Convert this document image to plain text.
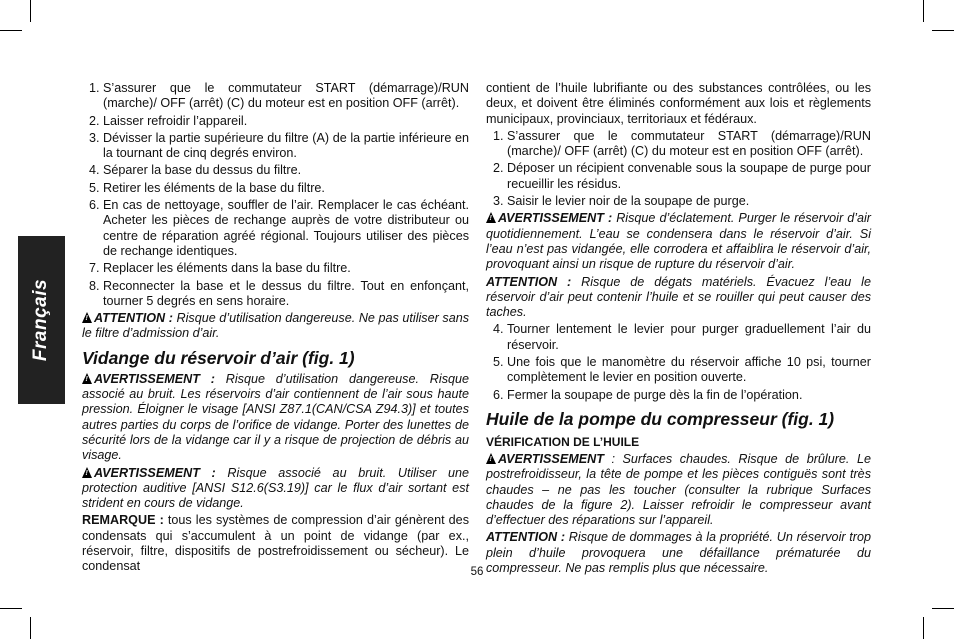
Français
1. S’assurer que le commutateur START (démarrage)/RUN (marche)/ OFF (arrêt) (C) du moteur est en position OFF (arrêt).
2. Laisser refroidir l’appareil.
3. Dévisser la partie supérieure du filtre (A) de la partie inférieure en la tournant de cinq degrés environ.
4. Séparer la base du dessus du filtre.
5. Retirer les éléments de la base du filtre.
6. En cas de nettoyage, souffler de l’air. Remplacer le cas échéant. Acheter les pièces de rechange auprès de votre distributeur ou centre de réparation agréé régional. Toujours utiliser des pièces de rechange identiques.
7. Replacer les éléments dans la base du filtre.
8. Reconnecter la base et le dessus du filtre. Tout en enfonçant, tourner 5 degrés en sens horaire.

!ATTENTION : Risque d’utilisation dangereuse. Ne pas utiliser sans le filtre d’admission d’air.

Vidange du réservoir d’air (fig. 1)

!AVERTISSEMENT : Risque d’utilisation dangereuse. Risque associé au bruit. Les réservoirs d’air contiennent de l’air sous haute pression. Éloigner le visage [ANSI Z87.1(CAN/CSA Z94.3)] et toutes autres parties du corps de l’orifice de vidange. Porter des lunettes de sécurité lors de la vidange car il y a risque de projection de débris au visage.

!AVERTISSEMENT : Risque associé au bruit. Utiliser une protection auditive [ANSI S12.6(S3.19)] car le flux d’air sortant est strident en cours de vidange.

REMARQUE : tous les systèmes de compression d’air génèrent des condensats qui s’accumulent à un point de vidange (par ex., réservoir, filtre, dispositifs de postrefroidissement ou sécheur). Le condensat

contient de l’huile lubrifiante ou des substances contrôlées, ou les deux, et doivent être éliminés conformément aux lois et règlements municipaux, provinciaux, territoriaux et fédéraux.

1. S’assurer que le commutateur START (démarrage)/RUN (marche)/ OFF (arrêt) (C) du moteur est en position OFF (arrêt).
2. Déposer un récipient convenable sous la soupape de purge pour recueillir les résidus.
3. Saisir le levier noir de la soupape de purge.

!AVERTISSEMENT : Risque d’éclatement. Purger le réservoir d’air quotidiennement. L’eau se condensera dans le réservoir d’air. Si l’eau n’est pas vidangée, elle corrodera et affaiblira le réservoir d’air, provoquant ainsi un risque de rupture du réservoir d’air.

ATTENTION : Risque de dégats matériels. Évacuez l’eau le réservoir d’air peut contenir l’huile et se rouiller qui peut causer des taches.

4. Tourner lentement le levier pour purger graduellement l’air du réservoir.
5. Une fois que le manomètre du réservoir affiche 10 psi, tourner complètement le levier en position ouverte.
6. Fermer la soupape de purge dès la fin de l’opération.
Huile de la pompe du compresseur (fig. 1)
VÉRIFICATION DE L’HUILE

!AVERTISSEMENT : Surfaces chaudes. Risque de brûlure. Le postrefroidisseur, la tête de pompe et les pièces contiguës sont très chaudes – ne pas les toucher (consulter la rubrique Surfaces chaudes de la figure 2). Laisser refroidir le compresseur avant d’effectuer des réparations sur l’appareil.

ATTENTION : Risque de dommages à la propriété. Un réservoir trop plein d’huile provoquera une défaillance prématurée du compresseur. Ne pas remplis plus que nécessaire.

56
